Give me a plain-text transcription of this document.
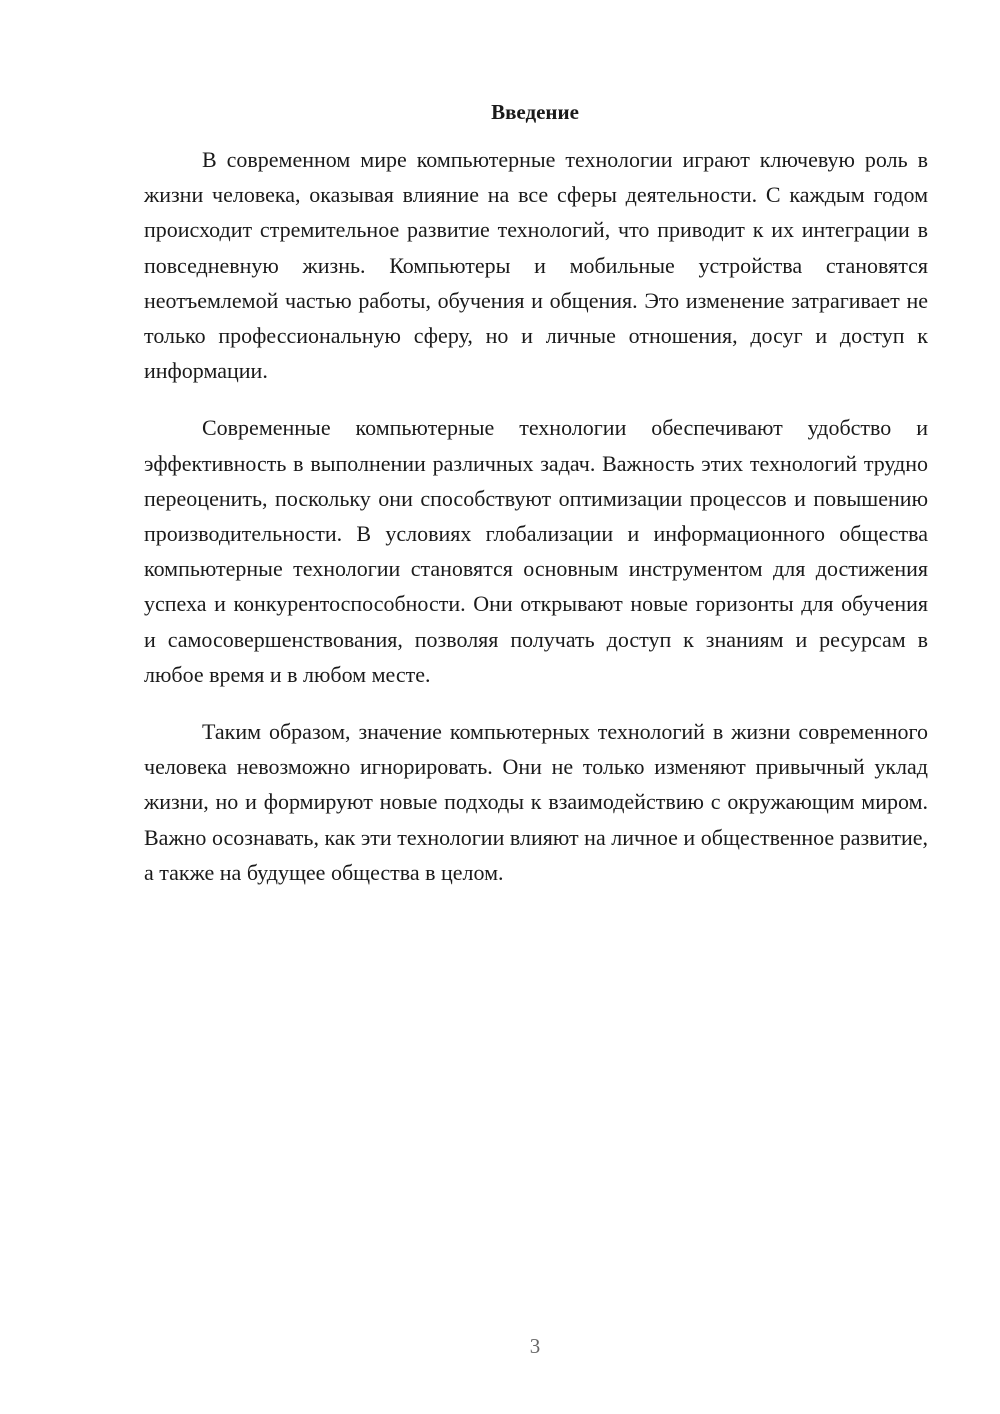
Введение

В современном мире компьютерные технологии играют ключевую роль в жизни человека, оказывая влияние на все сферы деятельности. С каждым годом происходит стремительное развитие технологий, что приводит к их интеграции в повседневную жизнь. Компьютеры и мобильные устройства становятся неотъемлемой частью работы, обучения и общения. Это изменение затрагивает не только профессиональную сферу, но и личные отношения, досуг и доступ к информации.

Современные компьютерные технологии обеспечивают удобство и эффективность в выполнении различных задач. Важность этих технологий трудно переоценить, поскольку они способствуют оптимизации процессов и повышению производительности. В условиях глобализации и информационного общества компьютерные технологии становятся основным инструментом для достижения успеха и конкурентоспособности. Они открывают новые горизонты для обучения и самосовершенствования, позволяя получать доступ к знаниям и ресурсам в любое время и в любом месте.

Таким образом, значение компьютерных технологий в жизни современного человека невозможно игнорировать. Они не только изменяют привычный уклад жизни, но и формируют новые подходы к взаимодействию с окружающим миром. Важно осознавать, как эти технологии влияют на личное и общественное развитие, а также на будущее общества в целом.

3
